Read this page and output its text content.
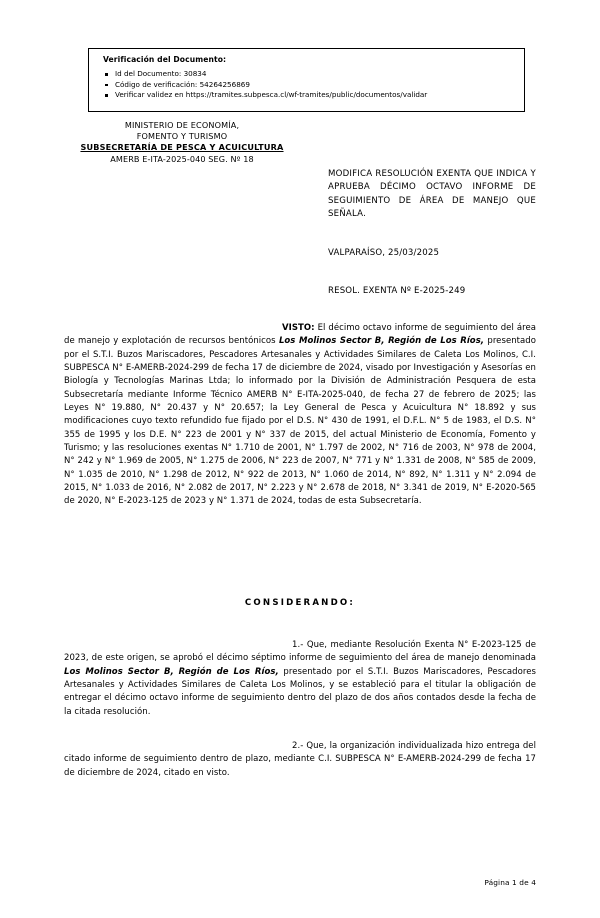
Verificación del Documento:
Id del Documento: 30834
Código de verificación: 54264256869
Verificar validez en https://tramites.subpesca.cl/wf-tramites/public/documentos/validar
MINISTERIO DE ECONOMÍA,
FOMENTO Y TURISMO

SUBSECRETARÍA DE PESCA Y ACUICULTURA
AMERB E-ITA-2025-040 SEG. Nº 18
MODIFICA RESOLUCIÓN EXENTA QUE INDICA Y APRUEBA DÉCIMO OCTAVO INFORME DE SEGUIMIENTO DE ÁREA DE MANEJO QUE SEÑALA.
VALPARAÍSO, 25/03/2025
RESOL. EXENTA Nº E-2025-249

VISTO: El décimo octavo informe de seguimiento del área de manejo y explotación de recursos bentónicos Los Molinos Sector B, Región de Los Ríos, presentado por el S.T.I. Buzos Mariscadores, Pescadores Artesanales y Actividades Similares de Caleta Los Molinos, C.I. SUBPESCA N° E-AMERB-2024-299 de fecha 17 de diciembre de 2024, visado por Investigación y Asesorías en Biología y Tecnologías Marinas Ltda; lo informado por la División de Administración Pesquera de esta Subsecretaría mediante Informe Técnico AMERB N° E-ITA-2025-040, de fecha 27 de febrero de 2025; las Leyes N° 19.880, N° 20.437 y N° 20.657; la Ley General de Pesca y Acuicultura N° 18.892 y sus modificaciones cuyo texto refundido fue fijado por el D.S. N° 430 de 1991, el D.F.L. N° 5 de 1983, el D.S. N° 355 de 1995 y los D.E. N° 223 de 2001 y N° 337 de 2015, del actual Ministerio de Economía, Fomento y Turismo; y las resoluciones exentas N° 1.710 de 2001, N° 1.797 de 2002, N° 716 de 2003, N° 978 de 2004, N° 242 y N° 1.969 de 2005, N° 1.275 de 2006, N° 223 de 2007, N° 771 y N° 1.331 de 2008, N° 585 de 2009, N° 1.035 de 2010, N° 1.298 de 2012, N° 922 de 2013, N° 1.060 de 2014, N° 892, N° 1.311 y N° 2.094 de 2015, N° 1.033 de 2016, N° 2.082 de 2017, N° 2.223 y N° 2.678 de 2018, N° 3.341 de 2019, N° E-2020-565 de 2020, N° E-2023-125 de 2023 y N° 1.371 de 2024, todas de esta Subsecretaría.

CONSIDERANDO:

1.- Que, mediante Resolución Exenta N° E-2023-125 de 2023, de este origen, se aprobó el décimo séptimo informe de seguimiento del área de manejo denominada Los Molinos Sector B, Región de Los Ríos, presentado por el S.T.I. Buzos Mariscadores, Pescadores Artesanales y Actividades Similares de Caleta Los Molinos, y se estableció para el titular la obligación de entregar el décimo octavo informe de seguimiento dentro del plazo de dos años contados desde la fecha de la citada resolución.

2.- Que, la organización individualizada hizo entrega del citado informe de seguimiento dentro de plazo, mediante C.I. SUBPESCA N° E-AMERB-2024-299 de fecha 17 de diciembre de 2024, citado en visto.

Página 1 de 4
